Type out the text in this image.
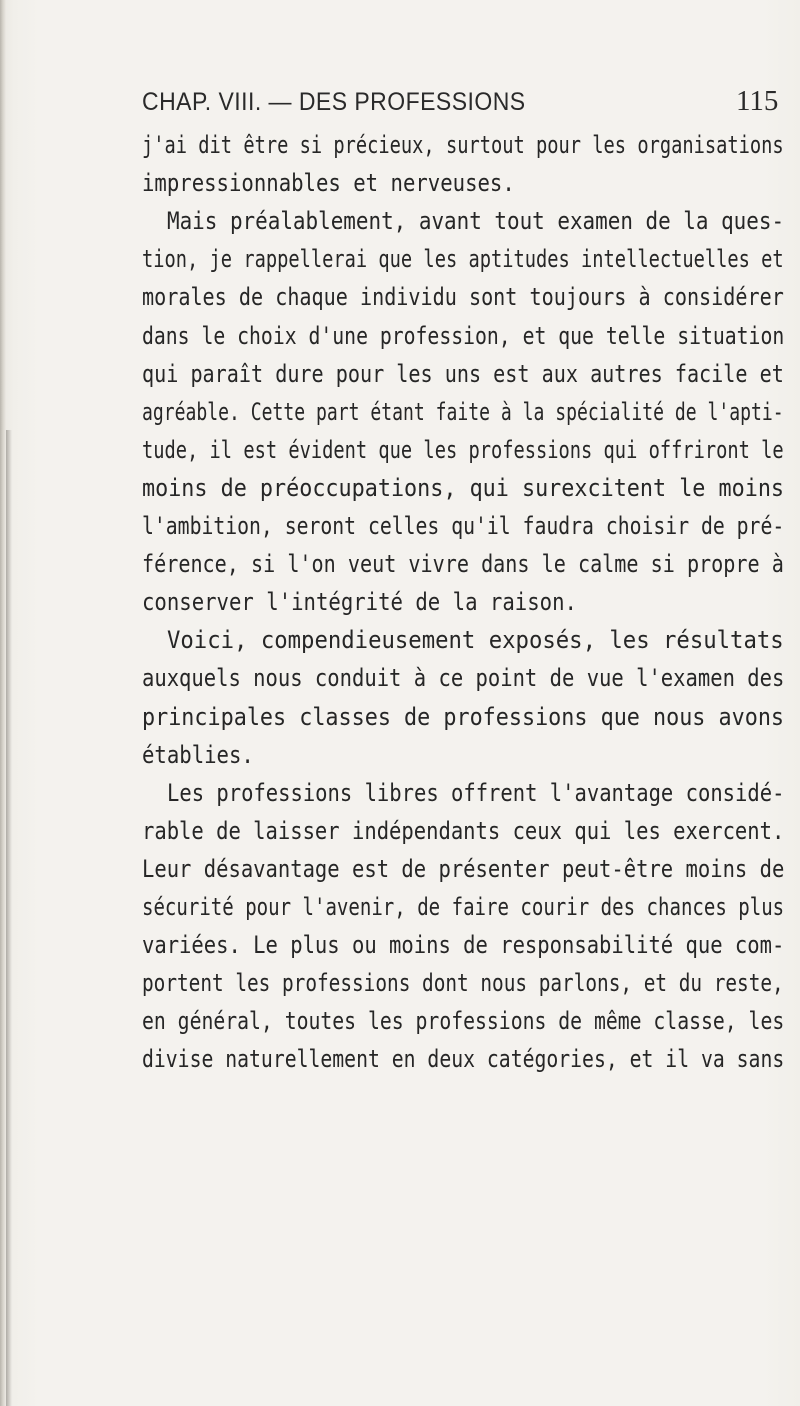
CHAP. VIII. — DES PROFESSIONS	115
j'ai dit être si précieux, surtout pour les organisations
impressionnables et nerveuses.
Mais préalablement, avant tout examen de la ques-
tion, je rappellerai que les aptitudes intellectuelles et
morales de chaque individu sont toujours à considérer
dans le choix d'une profession, et que telle situation
qui paraît dure pour les uns est aux autres facile et
agréable. Cette part étant faite à la spécialité de l'apti-
tude, il est évident que les professions qui offriront le
moins de préoccupations, qui surexcitent le moins
l'ambition, seront celles qu'il faudra choisir de pré-
férence, si l'on veut vivre dans le calme si propre à
conserver l'intégrité de la raison.
Voici, compendieusement exposés, les résultats
auxquels nous conduit à ce point de vue l'examen des
principales classes de professions que nous avons
établies.
Les professions libres offrent l'avantage considé-
rable de laisser indépendants ceux qui les exercent.
Leur désavantage est de présenter peut-être moins de
sécurité pour l'avenir, de faire courir des chances plus
variées. Le plus ou moins de responsabilité que com-
portent les professions dont nous parlons, et du reste,
en général, toutes les professions de même classe, les
divise naturellement en deux catégories, et il va sans
